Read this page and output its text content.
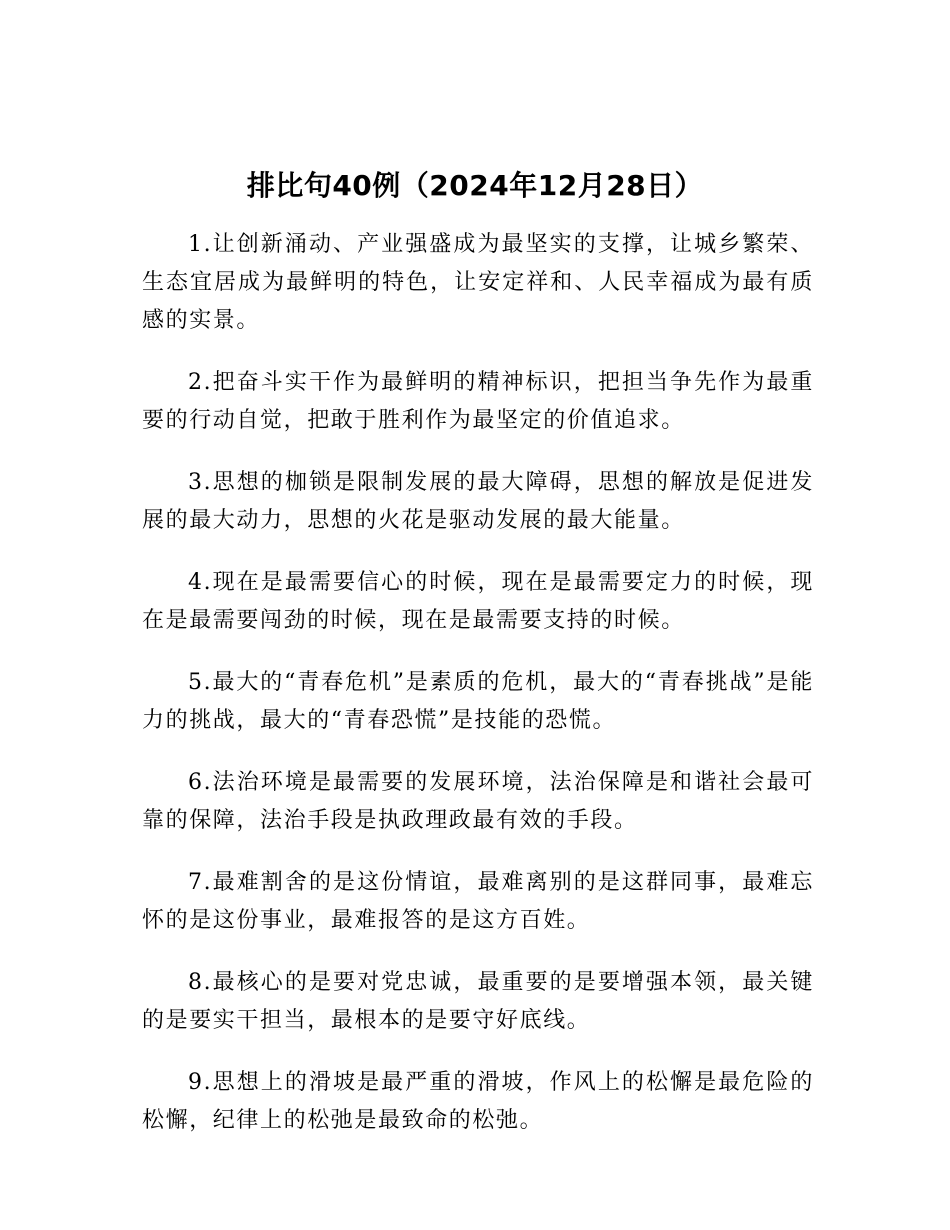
排比句40例（2024年12月28日）

1.让创新涌动、产业强盛成为最坚实的支撑，让城乡繁荣、生态宜居成为最鲜明的特色，让安定祥和、人民幸福成为最有质感的实景。

2.把奋斗实干作为最鲜明的精神标识，把担当争先作为最重要的行动自觉，把敢于胜利作为最坚定的价值追求。

3.思想的枷锁是限制发展的最大障碍，思想的解放是促进发展的最大动力，思想的火花是驱动发展的最大能量。

4.现在是最需要信心的时候，现在是最需要定力的时候，现在是最需要闯劲的时候，现在是最需要支持的时候。

5.最大的“青春危机”是素质的危机，最大的“青春挑战”是能力的挑战，最大的“青春恐慌”是技能的恐慌。

6.法治环境是最需要的发展环境，法治保障是和谐社会最可靠的保障，法治手段是执政理政最有效的手段。

7.最难割舍的是这份情谊，最难离别的是这群同事，最难忘怀的是这份事业，最难报答的是这方百姓。

8.最核心的是要对党忠诚，最重要的是要增强本领，最关键的是要实干担当，最根本的是要守好底线。

9.思想上的滑坡是最严重的滑坡，作风上的松懈是最危险的松懈，纪律上的松弛是最致命的松弛。
